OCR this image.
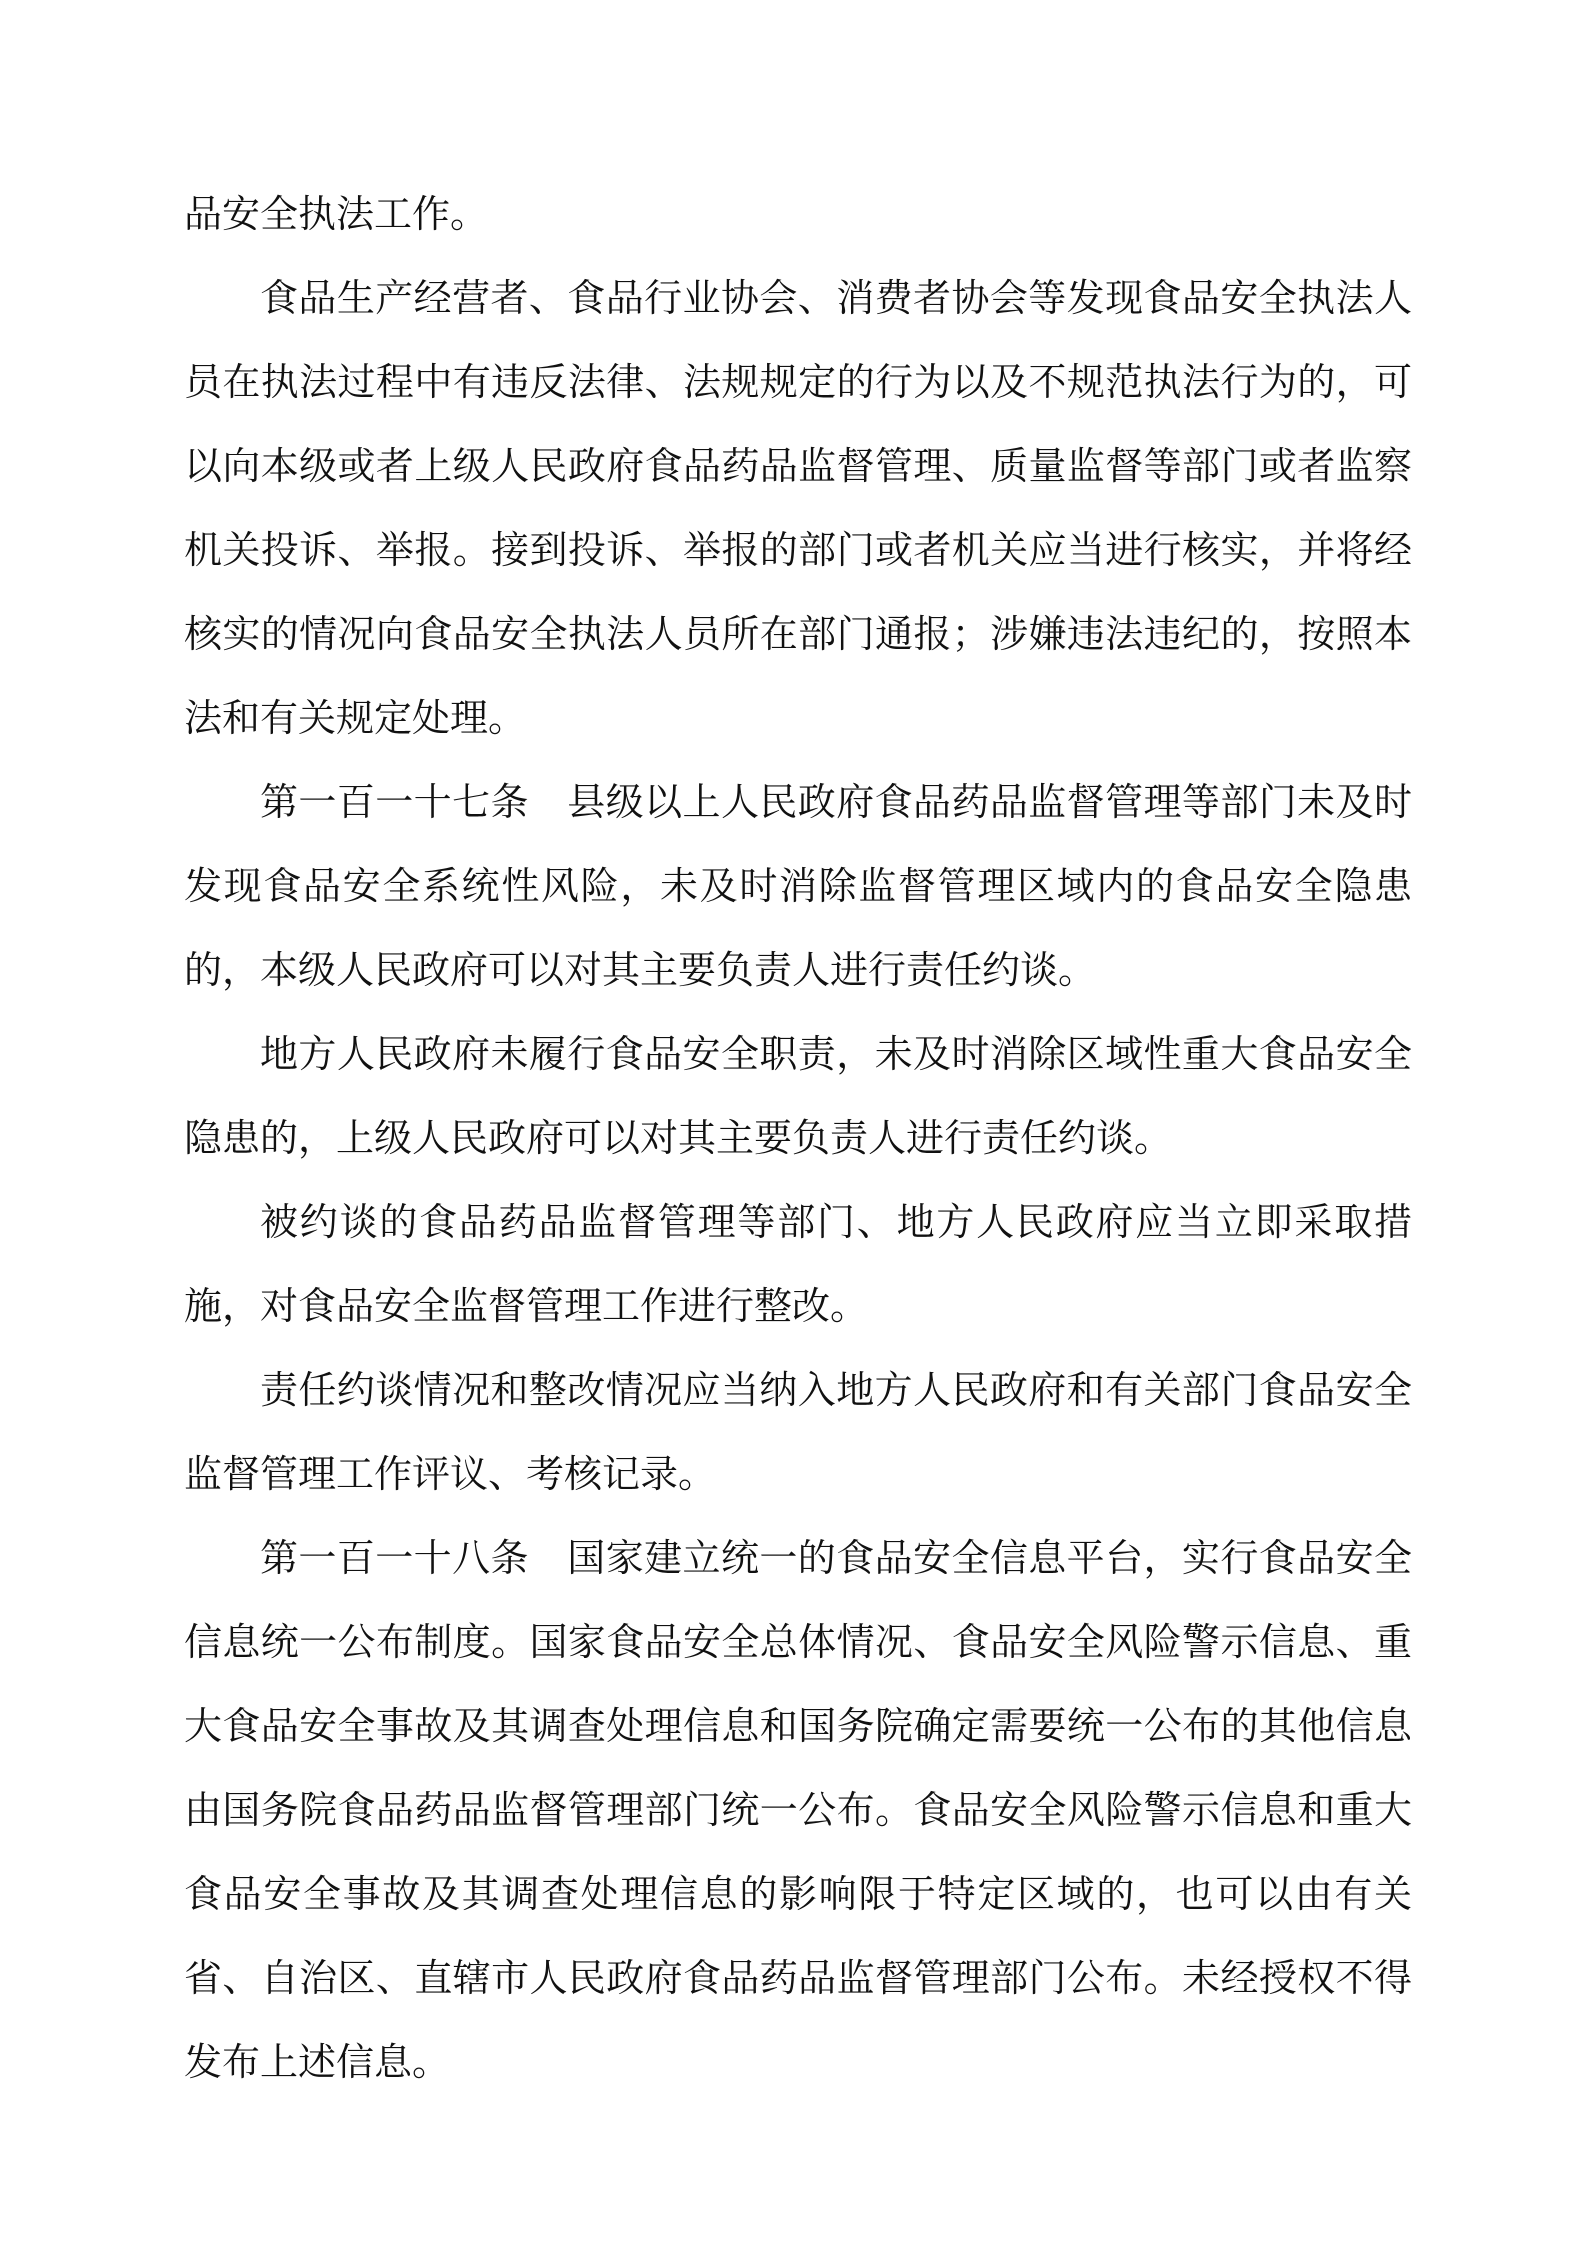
品安全执法工作。

食品生产经营者、食品行业协会、消费者协会等发现食品安全执法人员在执法过程中有违反法律、法规规定的行为以及不规范执法行为的，可以向本级或者上级人民政府食品药品监督管理、质量监督等部门或者监察机关投诉、举报。接到投诉、举报的部门或者机关应当进行核实，并将经核实的情况向食品安全执法人员所在部门通报；涉嫌违法违纪的，按照本法和有关规定处理。

第一百一十七条　县级以上人民政府食品药品监督管理等部门未及时发现食品安全系统性风险，未及时消除监督管理区域内的食品安全隐患的，本级人民政府可以对其主要负责人进行责任约谈。

地方人民政府未履行食品安全职责，未及时消除区域性重大食品安全隐患的，上级人民政府可以对其主要负责人进行责任约谈。

被约谈的食品药品监督管理等部门、地方人民政府应当立即采取措施，对食品安全监督管理工作进行整改。

责任约谈情况和整改情况应当纳入地方人民政府和有关部门食品安全监督管理工作评议、考核记录。

第一百一十八条　国家建立统一的食品安全信息平台，实行食品安全信息统一公布制度。国家食品安全总体情况、食品安全风险警示信息、重大食品安全事故及其调查处理信息和国务院确定需要统一公布的其他信息由国务院食品药品监督管理部门统一公布。食品安全风险警示信息和重大食品安全事故及其调查处理信息的影响限于特定区域的，也可以由有关省、自治区、直辖市人民政府食品药品监督管理部门公布。未经授权不得发布上述信息。
